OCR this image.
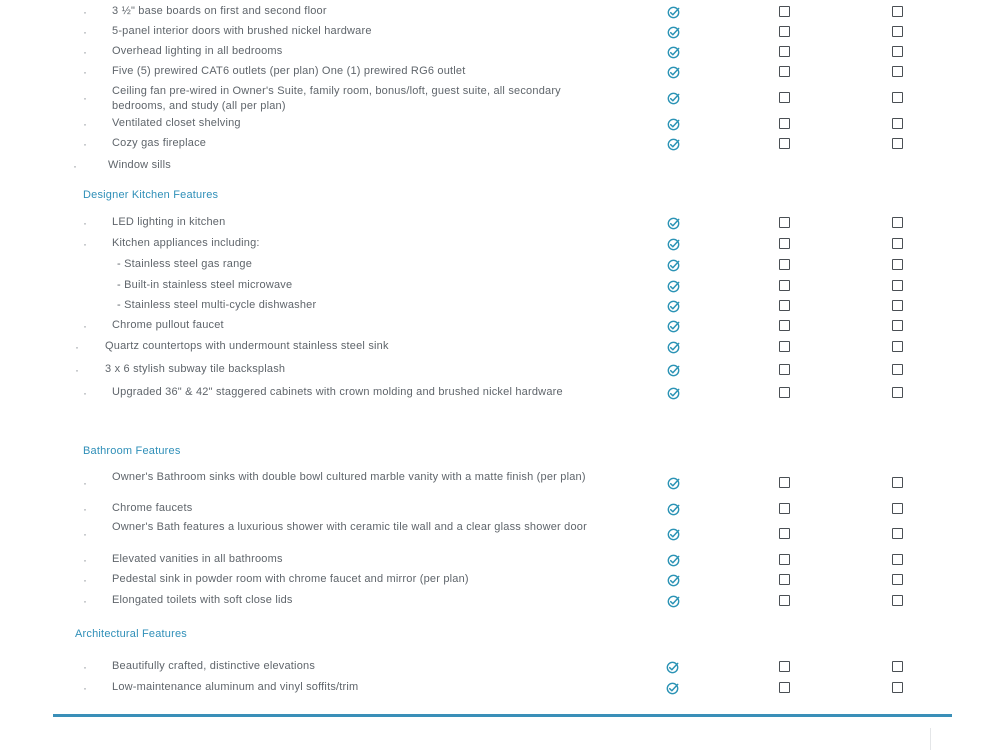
· 3 ½" base boards on first and second floor
· 5-panel interior doors with brushed nickel hardware
· Overhead lighting in all bedrooms
· Five (5) prewired CAT6 outlets (per plan) One (1) prewired RG6 outlet
· Ceiling fan pre-wired in Owner's Suite, family room, bonus/loft, guest suite, all secondary bedrooms, and study (all per plan)
· Ventilated closet shelving
· Cozy gas fireplace
·	Window sills
Designer Kitchen Features
· LED lighting in kitchen
· Kitchen appliances including:
- Stainless steel gas range
- Built-in stainless steel microwave
- Stainless steel multi-cycle dishwasher
· Chrome pullout faucet
· Quartz countertops with undermount stainless steel sink
· 3 x 6 stylish subway tile backsplash
· Upgraded 36" & 42" staggered cabinets with crown molding and brushed nickel hardware
Bathroom Features
· Owner's Bathroom sinks with double bowl cultured marble vanity with a matte finish (per plan)
· Chrome faucets
· Owner's Bath features a luxurious shower with ceramic tile wall and a clear glass shower door
· Elevated vanities in all bathrooms
· Pedestal sink in powder room with chrome faucet and mirror (per plan)
· Elongated toilets with soft close lids
Architectural Features
· Beautifully crafted, distinctive elevations
· Low-maintenance aluminum and vinyl soffits/trim
